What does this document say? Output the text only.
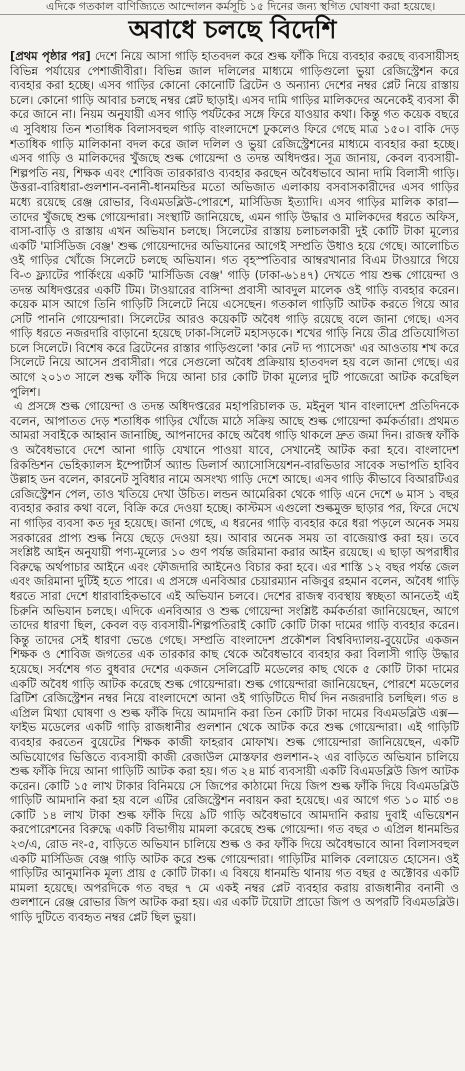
এদিকে গতকাল বাণিজ্যিতে আন্দোলন কর্মসূচি ১৫ দিনের জন্য স্থগিত ঘোষণা করা হয়েছে।
অবাধে চলছে বিদেশি

[প্রথম পৃষ্ঠার পর] দেশে নিয়ে আসা গাড়ি হাতবদল করে শুল্ক ফাঁকি দিয়ে ব্যবহার করছে ব্যবসায়ীসহ বিভিন্ন পর্যায়ের পেশাজীবীরা। বিভিন্ন জাল দলিলের মাধ্যমে গাড়িগুলো ভুয়া রেজিস্ট্রেশন করে ব্যবহার করা হচ্ছে। এসব গাড়ির কোনো কোনোটি ব্রিটেন ও অন্যান্য দেশের নম্বর প্লেট নিয়ে রাস্তায় চলে। কোনো গাড়ি আবার চলছে নম্বর প্লেট ছাড়াই। এসব দামি গাড়ির মালিকদের অনেকেই ব্যবসা কী করে জানে না। নিয়ম অনুযায়ী এসব গাড়ি পর্যটকের সঙ্গে ফিরে যাওয়ার কথা। কিন্তু গত কয়েক বছরে এ সুবিধায় তিন শতাধিক বিলাসবহুল গাড়ি বাংলাদেশে ঢুকলেও ফিরে গেছে মাত্র ১৫০। বাকি দেড় শতাধিক গাড়ি মালিকানা বদল করে জাল দলিল ও ভুয়া রেজিস্ট্রেশনের মাধ্যমে ব্যবহার করা হচ্ছে। এসব গাড়ি ও মালিকদের খুঁজছে শুল্ক গোয়েন্দা ও তদন্ত অধিদপ্তর। সূত্র জানায়, কেবল ব্যবসায়ী-শিল্পপতি নয়, শিক্ষক এবং শোবিজ তারকারাও ব্যবহার করছেন অবৈধভাবে আনা দামি বিলাসী গাড়ি। উত্তরা-বারিধারা-গুলশান-বনানী-ধানমন্ডির মতো অভিজাত এলাকায় বসবাসকারীদের এসব গাড়ির মধ্যে রয়েছে রেঞ্জ রোভার, বিএমডব্লিউ-পোরশে, মার্সিডিজ ইত্যাদি। এসব গাড়ির মালিক কারা—তাদের খুঁজছে শুল্ক গোয়েন্দারা। সংস্থাটি জানিয়েছে, এমন গাড়ি উদ্ধার ও মালিকদের ধরতে অফিস, বাসা-বাড়ি ও রাস্তায় এখন অভিযান চলছে। সিলেটের রাস্তায় চলাচলকারী দুই কোটি টাকা মূল্যের একটি 'মার্সিডিজ বেঞ্জ' শুল্ক গোয়েন্দাদের অভিযানের আগেই সম্প্রতি উধাও হয়ে গেছে। আলোচিত ওই গাড়ির খোঁজে সিলেটে চলছে অভিযান। গত বৃহস্পতিবার আম্বরখানার বিএম টাওয়ারে গিয়ে বি-৩ ফ্ল্যাটের পার্কিংয়ে একটি 'মার্সিডিজ বেঞ্জ' গাড়ি (ঢাকা-৬১৪৭) দেখতে পায় শুল্ক গোয়েন্দা ও তদন্ত অধিদপ্তরের একটি টিম। টাওয়ারের বাসিন্দা প্রবাসী আবদুল মালেক ওই গাড়ি ব্যবহার করেন। কয়েক মাস আগে তিনি গাড়িটি সিলেটে নিয়ে এসেছেন। গতকাল গাড়িটি আটক করতে গিয়ে আর সেটি পাননি গোয়েন্দারা। সিলেটের আরও কয়েকটি অবৈধ গাড়ি রয়েছে বলে জানা গেছে। এসব গাড়ি ধরতে নজরদারি বাড়ানো হয়েছে ঢাকা-সিলেট মহাসড়কে। শখের গাড়ি নিয়ে তীব্র প্রতিযোগিতা চলে সিলেটে। বিশেষ করে ব্রিটেনের রাস্তার গাড়িগুলো 'কার নেট দ্য প্যাসেজ' এর আওতায় শখ করে সিলেটে নিয়ে আসেন প্রবাসীরা। পরে সেগুলো অবৈধ প্রক্রিয়ায় হাতবদল হয় বলে জানা গেছে। এর আগে ২০১৩ সালে শুল্ক ফাঁকি দিয়ে আনা চার কোটি টাকা মূল্যের দুটি পাজেরো আটক করেছিল পুলিশ।

এ প্রসঙ্গে শুল্ক গোয়েন্দা ও তদন্ত অধিদপ্তরের মহাপরিচালক ড. মইনুল খান বাংলাদেশ প্রতিদিনকে বলেন, আপাতত দেড় শতাধিক গাড়ির খোঁজে মাঠে সক্রিয় আছে শুল্ক গোয়েন্দা কর্মকর্তারা। প্রথমত আমরা সবাইকে আহ্বান জানাচ্ছি, আপনাদের কাছে অবৈধ গাড়ি থাকলে দ্রুত জমা দিন। রাজস্ব ফাঁকি ও অবৈধভাবে দেশে আনা গাড়ি যেখানে পাওয়া যাবে, সেখানেই আটক করা হবে। বাংলাদেশ রিকন্ডিশন ভেহিক্যালস ইম্পোর্টার্স অ্যান্ড ডিলার্স অ্যাসোসিয়েশন-বারভিডার সাবেক সভাপতি হাবিব উল্লাহ ডন বলেন, কারনেট সুবিধার নামে অসংখ্য গাড়ি দেশে আছে। এসব গাড়ি কীভাবে বিআরটিএর রেজিস্ট্রেশন পেল, তাও খতিয়ে দেখা উচিত। লন্ডন আমেরিকা থেকে গাড়ি এনে দেশে ৬ মাস ১ বছর ব্যবহার করার কথা বলে, বিক্রি করে দেওয়া হচ্ছে। কাস্টমস এগুলো শুল্কমুক্ত ছাড়ার পর, ফিরে দেখে না গাড়ির ব্যবসা কত দূর হয়েছে। জানা গেছে, এ ধরনের গাড়ি ব্যবহার করে ধরা পড়লে অনেক সময় সরকারের প্রাপ্য শুল্ক নিয়ে ছেড়ে দেওয়া হয়। আবার অনেক সময় তা বাজেয়াপ্ত করা হয়। তবে সংশ্লিষ্ট আইন অনুযায়ী পণ্য-মূল্যের ১০ গুণ পর্যন্ত জরিমানা করার আইন রয়েছে। এ ছাড়া অপরাধীর বিরুদ্ধে অর্থপাচার আইনে এবং ফৌজদারি আইনেও বিচার করা হবে। এর শাস্তি ১২ বছর পর্যন্ত জেল এবং জরিমানা দুটিই হতে পারে। এ প্রসঙ্গে এনবিআর চেয়ারম্যান নজিবুর রহমান বলেন, অবৈধ গাড়ি ধরতে সারা দেশে ধারাবাহিকভাবে এই অভিযান চলবে। দেশের রাজস্ব ব্যবস্থায় স্বচ্ছতা আনতেই এই চিরুনি অভিযান চলছে। এদিকে এনবিআর ও শুল্ক গোয়েন্দা সংশ্লিষ্ট কর্মকর্তারা জানিয়েছেন, আগে তাদের ধারণা ছিল, কেবল বড় ব্যবসায়ী-শিল্পপতিরাই কোটি কোটি টাকা দামের গাড়ি ব্যবহার করেন। কিন্তু তাদের সেই ধারণা ভেঙে গেছে। সম্প্রতি বাংলাদেশ প্রকৌশল বিশ্ববিদ্যালয়-বুয়েটের একজন শিক্ষক ও শোবিজ জগতের এক তারকার কাছ থেকে অবৈধভাবে ব্যবহার করা বিলাসী গাড়ি উদ্ধার হয়েছে। সর্বশেষ গত বুধবার দেশের একজন সেলিব্রেটি মডেলের কাছ থেকে ৫ কোটি টাকা দামের একটি অবৈধ গাড়ি আটক করেছে শুল্ক গোয়েন্দারা। শুল্ক গোয়েন্দারা জানিয়েছেন, পোরশে মডেলের ব্রিটিশ রেজিস্ট্রেশন নম্বর নিয়ে বাংলাদেশে আনা ওই গাড়িটিতে দীর্ঘ দিন নজরদারি চলছিল। গত ৪ এপ্রিল মিথ্যা ঘোষণা ও শুল্ক ফাঁকি দিয়ে আমদানি করা তিন কোটি টাকা দামের বিএমডব্লিউ এক্স—ফাইভ মডেলের একটি গাড়ি রাজধানীর গুলশান থেকে আটক করে শুল্ক গোয়েন্দারা। এই গাড়িটি ব্যবহার করতেন বুয়েটের শিক্ষক কাজী ফাহরাব মোফাখ। শুল্ক গোয়েন্দারা জানিয়েছেন, একটি অভিযোগের ভিত্তিতে ব্যবসায়ী কাজী রেজাউল মোস্তফার গুলশান-২ এর বাড়িতে অভিযান চালিয়ে শুল্ক ফাঁকি দিয়ে আনা গাড়িটি আটক করা হয়। গত ২৪ মার্চ ব্যবসায়ী একটি বিএমডব্লিউ জিপ আটক করেন। কোটি ১৫ লাখ টাকার বিনিময়ে সে জিপের কাঠামো দিয়ে জিপ শুল্ক ফাঁকি দিয়ে বিএমডব্লিউ গাড়িটি আমদানি করা হয় বলে এটির রেজিস্ট্রেশন নবায়ন করা হয়েছে। এর আগে গত ১০ মার্চ ৩৪ কোটি ১৪ লাখ টাকা শুল্ক ফাঁকি দিয়ে ৯টি গাড়ি অবৈধভাবে আমদানি করায় দুবাই এভিয়েশন করপোরেশনের বিরুদ্ধে একটি বিভাগীয় মামলা করেছে শুল্ক গোয়েন্দা। গত বছর ৩ এপ্রিল ধানমন্ডির ২৩/এ, রোড নং-৫, বাড়িতে অভিযান চালিয়ে শুল্ক ও কর ফাঁকি দিয়ে অবৈধভাবে আনা বিলাসবহুল একটি মার্সিডিজ বেঞ্জ গাড়ি আটক করে শুল্ক গোয়েন্দারা। গাড়িটির মালিক বেলায়েত হোসেন। ওই গাড়িটির আনুমানিক মূল্য প্রায় ৫ কোটি টাকা। এ বিষয়ে ধানমন্ডি থানায় গত বছর ৫ অক্টোবর একটি মামলা হয়েছে। অপরদিকে গত বছর ৭ মে একই নম্বর প্লেট ব্যবহার করায় রাজধানীর বনানী ও গুলশানে রেঞ্জ রোভার জিপ আটক করা হয়। এর একটি টয়োটা প্রাডো জিপ ও অপরটি বিএমডব্লিউ। গাড়ি দুটিতে ব্যবহৃত নম্বর প্লেট ছিল ভুয়া।
